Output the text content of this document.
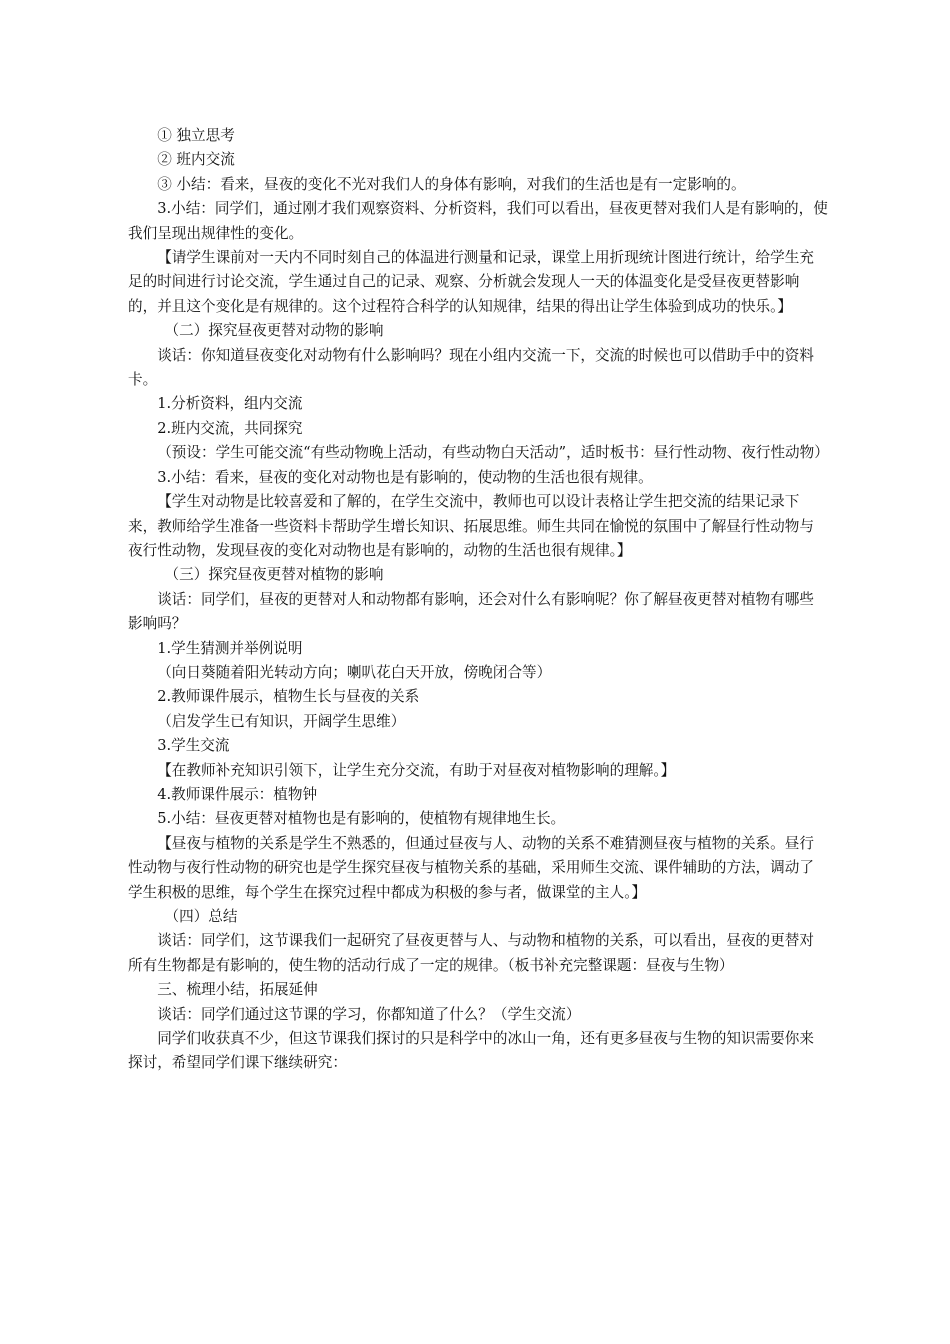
① 独立思考

② 班内交流

③ 小结：看来，昼夜的变化不光对我们人的身体有影响，对我们的生活也是有一定影响的。

3.小结：同学们，通过刚才我们观察资料、分析资料，我们可以看出，昼夜更替对我们人是有影响的，使我们呈现出规律性的变化。

【请学生课前对一天内不同时刻自己的体温进行测量和记录，课堂上用折现统计图进行统计，给学生充足的时间进行讨论交流，学生通过自己的记录、观察、分析就会发现人一天的体温变化是受昼夜更替影响的，并且这个变化是有规律的。这个过程符合科学的认知规律，结果的得出让学生体验到成功的快乐。】

（二）探究昼夜更替对动物的影响

谈话：你知道昼夜变化对动物有什么影响吗？现在小组内交流一下，交流的时候也可以借助手中的资料卡。

1.分析资料，组内交流

2.班内交流，共同探究

（预设：学生可能交流“有些动物晚上活动，有些动物白天活动”，适时板书：昼行性动物、夜行性动物）

3.小结：看来，昼夜的变化对动物也是有影响的，使动物的生活也很有规律。

【学生对动物是比较喜爱和了解的，在学生交流中，教师也可以设计表格让学生把交流的结果记录下来，教师给学生准备一些资料卡帮助学生增长知识、拓展思维。师生共同在愉悦的氛围中了解昼行性动物与夜行性动物，发现昼夜的变化对动物也是有影响的，动物的生活也很有规律。】

（三）探究昼夜更替对植物的影响

谈话：同学们，昼夜的更替对人和动物都有影响，还会对什么有影响呢？你了解昼夜更替对植物有哪些影响吗？

1.学生猜测并举例说明

（向日葵随着阳光转动方向；喇叭花白天开放，傍晚闭合等）

2.教师课件展示，植物生长与昼夜的关系

（启发学生已有知识，开阔学生思维）

3.学生交流

【在教师补充知识引领下，让学生充分交流，有助于对昼夜对植物影响的理解。】

4.教师课件展示：植物钟

5.小结：昼夜更替对植物也是有影响的，使植物有规律地生长。

【昼夜与植物的关系是学生不熟悉的，但通过昼夜与人、动物的关系不难猜测昼夜与植物的关系。昼行性动物与夜行性动物的研究也是学生探究昼夜与植物关系的基础，采用师生交流、课件辅助的方法，调动了学生积极的思维，每个学生在探究过程中都成为积极的参与者，做课堂的主人。】

（四）总结

谈话：同学们，这节课我们一起研究了昼夜更替与人、与动物和植物的关系，可以看出，昼夜的更替对所有生物都是有影响的，使生物的活动行成了一定的规律。（板书补充完整课题：昼夜与生物）

三、梳理小结，拓展延伸

谈话：同学们通过这节课的学习，你都知道了什么？（学生交流）

同学们收获真不少，但这节课我们探讨的只是科学中的冰山一角，还有更多昼夜与生物的知识需要你来探讨，希望同学们课下继续研究：
